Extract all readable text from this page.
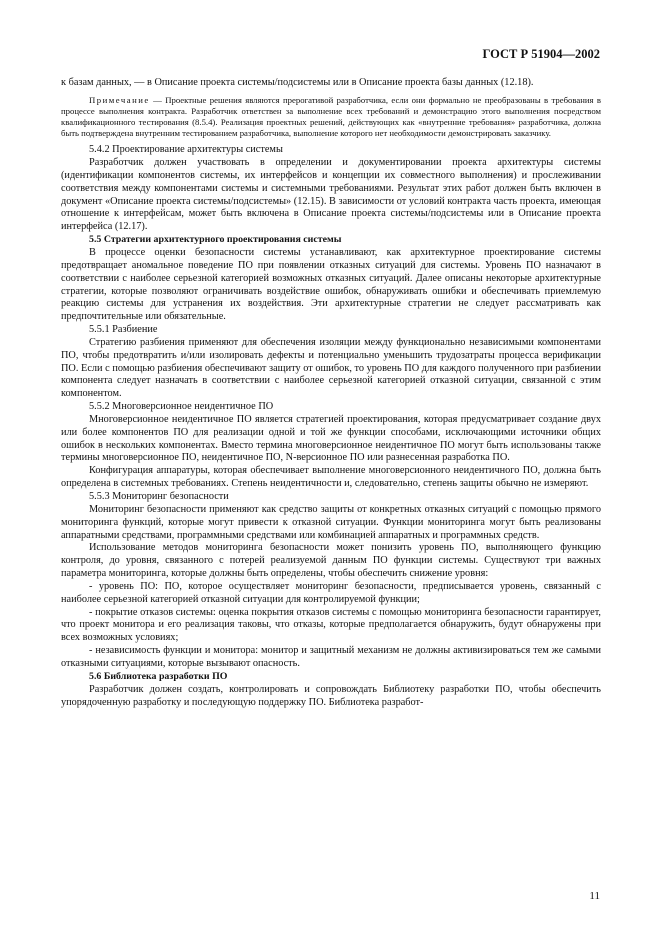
ГОСТ Р 51904—2002

к базам данных, — в Описание проекта системы/подсистемы или в Описание проекта базы данных (12.18).

Примечание — Проектные решения являются прерогативой разработчика, если они формально не преобразованы в требования в процессе выполнения контракта. Разработчик ответствен за выполнение всех требований и демонстрацию этого выполнения посредством квалификационного тестирования (8.5.4). Реализация проектных решений, действующих как «внутренние требования» разработчика, должна быть подтверждена внутренним тестированием разработчика, выполнение которого нет необходимости демонстрировать заказчику.

5.4.2 Проектирование архитектуры системы

Разработчик должен участвовать в определении и документировании проекта архитектуры системы (идентификации компонентов системы, их интерфейсов и концепции их совместного выполнения) и прослеживании соответствия между компонентами системы и системными требованиями. Результат этих работ должен быть включен в документ «Описание проекта системы/подсистемы» (12.15). В зависимости от условий контракта часть проекта, имеющая отношение к интерфейсам, может быть включена в Описание проекта системы/подсистемы или в Описание проекта интерфейса (12.17).

5.5 Стратегии архитектурного проектирования системы

В процессе оценки безопасности системы устанавливают, как архитектурное проектирование системы предотвращает аномальное поведение ПО при появлении отказных ситуаций для системы. Уровень ПО назначают в соответствии с наиболее серьезной категорией возможных отказных ситуаций. Далее описаны некоторые архитектурные стратегии, которые позволяют ограничивать воздействие ошибок, обнаруживать ошибки и обеспечивать приемлемую реакцию системы для устранения их воздействия. Эти архитектурные стратегии не следует рассматривать как предпочтительные или обязательные.

5.5.1 Разбиение

Стратегию разбиения применяют для обеспечения изоляции между функционально независимыми компонентами ПО, чтобы предотвратить и/или изолировать дефекты и потенциально уменьшить трудозатраты процесса верификации ПО. Если с помощью разбиения обеспечивают защиту от ошибок, то уровень ПО для каждого полученного при разбиении компонента следует назначать в соответствии с наиболее серьезной категорией отказной ситуации, связанной с этим компонентом.

5.5.2 Многоверсионное неидентичное ПО

Многоверсионное неидентичное ПО является стратегией проектирования, которая предусматривает создание двух или более компонентов ПО для реализации одной и той же функции способами, исключающими источники общих ошибок в нескольких компонентах. Вместо термина многоверсионное неидентичное ПО могут быть использованы также термины многоверсионное ПО, неидентичное ПО, N-версионное ПО или разнесенная разработка ПО.

Конфигурация аппаратуры, которая обеспечивает выполнение многоверсионного неидентичного ПО, должна быть определена в системных требованиях. Степень неидентичности и, следовательно, степень защиты обычно не измеряют.

5.5.3 Мониторинг безопасности

Мониторинг безопасности применяют как средство защиты от конкретных отказных ситуаций с помощью прямого мониторинга функций, которые могут привести к отказной ситуации. Функции мониторинга могут быть реализованы аппаратными средствами, программными средствами или комбинацией аппаратных и программных средств.

Использование методов мониторинга безопасности может понизить уровень ПО, выполняющего функцию контроля, до уровня, связанного с потерей реализуемой данным ПО функции системы. Существуют три важных параметра мониторинга, которые должны быть определены, чтобы обеспечить снижение уровня:

- уровень ПО: ПО, которое осуществляет мониторинг безопасности, предписывается уровень, связанный с наиболее серьезной категорией отказной ситуации для контролируемой функции;

- покрытие отказов системы: оценка покрытия отказов системы с помощью мониторинга безопасности гарантирует, что проект монитора и его реализация таковы, что отказы, которые предполагается обнаружить, будут обнаружены при всех возможных условиях;

- независимость функции и монитора: монитор и защитный механизм не должны активизироваться тем же самыми отказными ситуациями, которые вызывают опасность.

5.6 Библиотека разработки ПО

Разработчик должен создать, контролировать и сопровождать Библиотеку разработки ПО, чтобы обеспечить упорядоченную разработку и последующую поддержку ПО. Библиотека разработ-

11
